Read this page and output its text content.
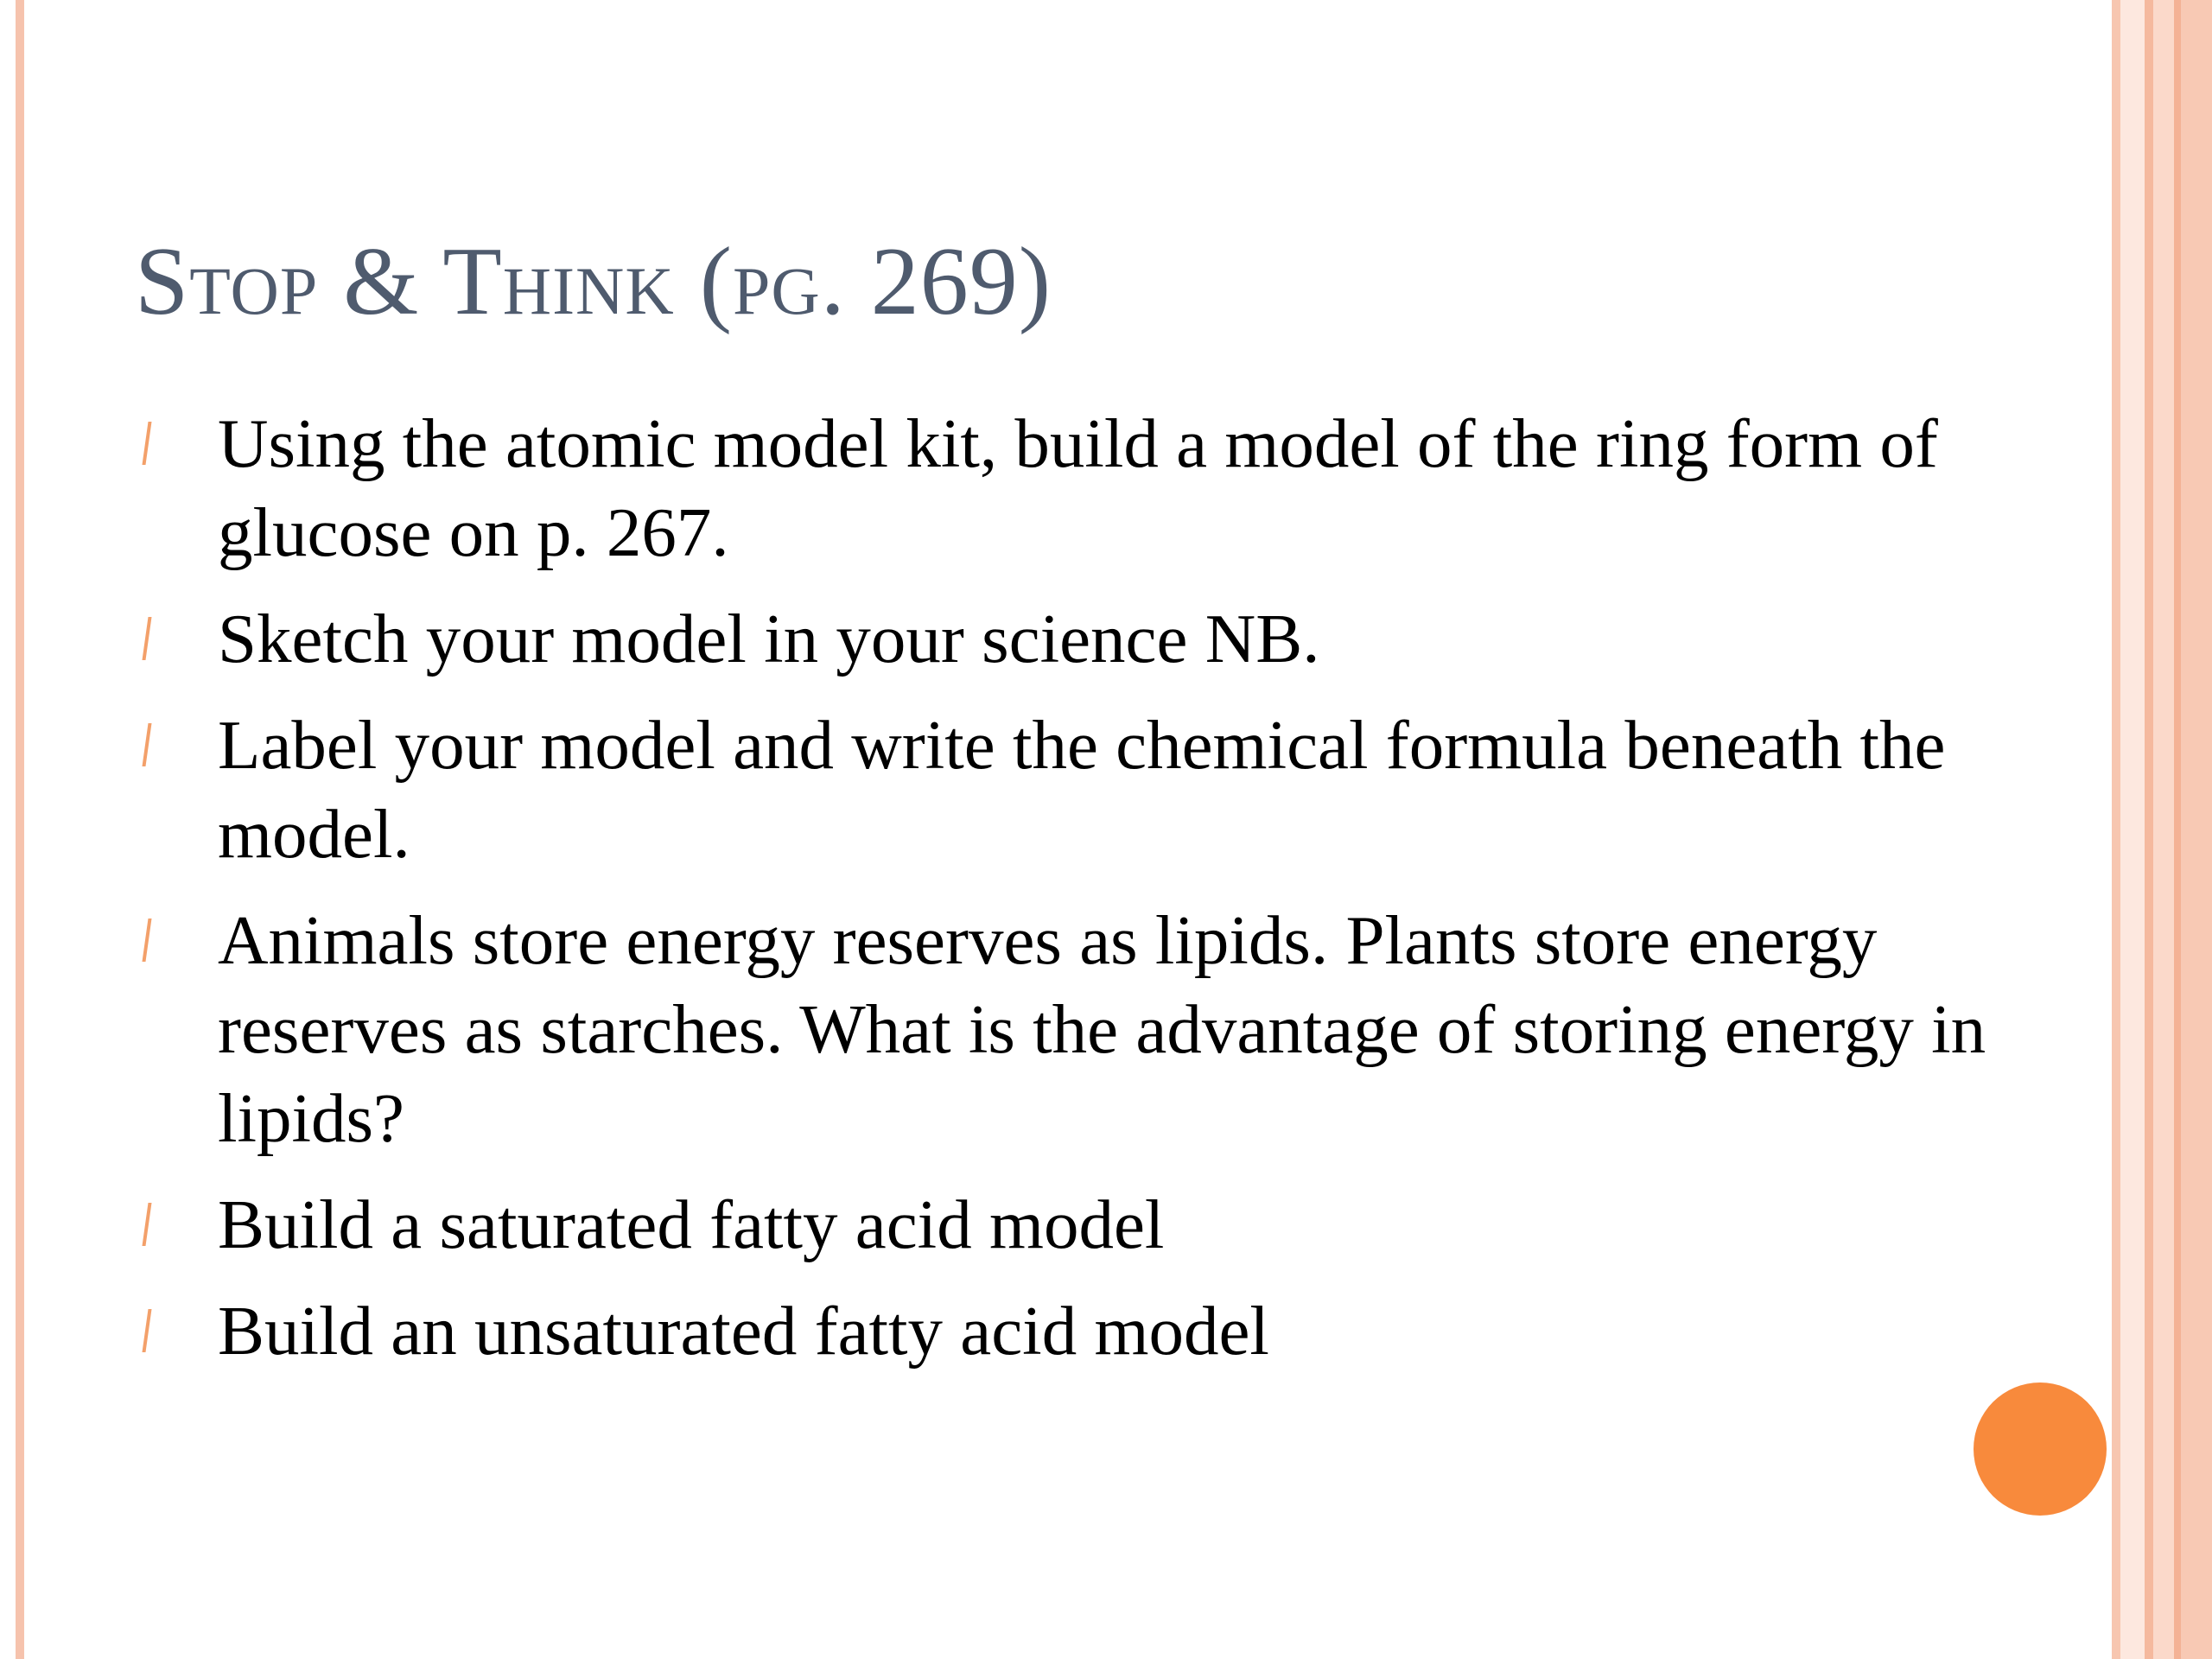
Stop & Think (pg. 269)
Using the atomic model kit, build a model of the ring form of glucose on p. 267.
Sketch your model in your science NB.
Label your model and write the chemical formula beneath the model.
Animals store energy reserves as lipids. Plants store energy reserves as starches. What is the advantage of storing energy in lipids?
Build a saturated fatty acid model
Build an unsaturated fatty acid model
